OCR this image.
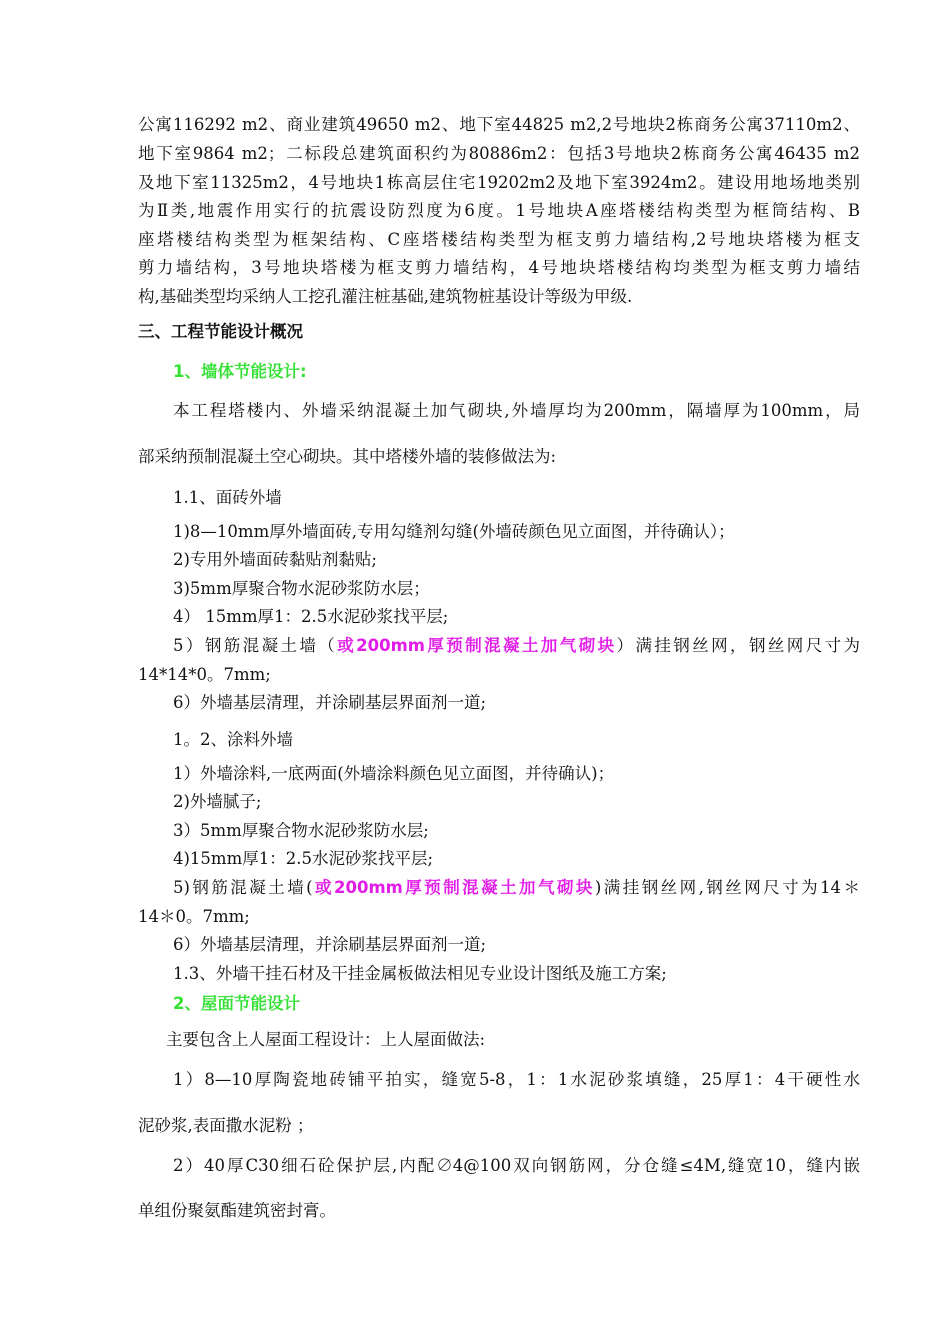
公寓116292 m2、商业建筑49650 m2、地下室44825 m2,2号地块2栋商务公寓37110m2、
地下室9864 m2；二标段总建筑面积约为80886m2：包括3号地块2栋商务公寓46435 m2
及地下室11325m2，4号地块1栋高层住宅19202m2及地下室3924m2。建设用地场地类别
为Ⅱ类,地震作用实行的抗震设防烈度为6度。1号地块A座塔楼结构类型为框筒结构、B
座塔楼结构类型为框架结构、C座塔楼结构类型为框支剪力墙结构,2号地块塔楼为框支
剪力墙结构，3号地块塔楼为框支剪力墙结构，4号地块塔楼结构均类型为框支剪力墙结
构,基础类型均采纳人工挖孔灌注桩基础,建筑物桩基设计等级为甲级.
三、工程节能设计概况
1、墙体节能设计:
本工程塔楼内、外墙采纳混凝土加气砌块,外墙厚均为200mm，隔墙厚为100mm，局
部采纳预制混凝土空心砌块。其中塔楼外墙的装修做法为:
1.1、面砖外墙
1)8—10mm厚外墙面砖,专用勾缝剂勾缝(外墙砖颜色见立面图，并待确认）；
2)专用外墙面砖黏贴剂黏贴;
3)5mm厚聚合物水泥砂浆防水层；
4） 15mm厚1：2.5水泥砂浆找平层;
5）钢筋混凝土墙（或200mm厚预制混凝土加气砌块）满挂钢丝网，钢丝网尺寸为
14*14*0。7mm;
6）外墙基层清理，并涂刷基层界面剂一道;
1。2、涂料外墙
1）外墙涂料,一底两面(外墙涂料颜色见立面图，并待确认)；
2)外墙腻子;
3）5mm厚聚合物水泥砂浆防水层;
4)15mm厚1：2.5水泥砂浆找平层;
5)钢筋混凝土墙(或200mm厚预制混凝土加气砌块)满挂钢丝网,钢丝网尺寸为14＊
14＊0。7mm;
6）外墙基层清理，并涂刷基层界面剂一道;
1.3、外墙干挂石材及干挂金属板做法相见专业设计图纸及施工方案;
2、屋面节能设计
主要包含上人屋面工程设计：上人屋面做法:
1）8—10厚陶瓷地砖铺平拍实，缝宽5-8，1：1水泥砂浆填缝，25厚1：4干硬性水
泥砂浆,表面撒水泥粉 ；
2）40厚C30细石砼保护层,内配∅4@100双向钢筋网，分仓缝≤4M,缝宽10，缝内嵌
单组份聚氨酯建筑密封膏。
